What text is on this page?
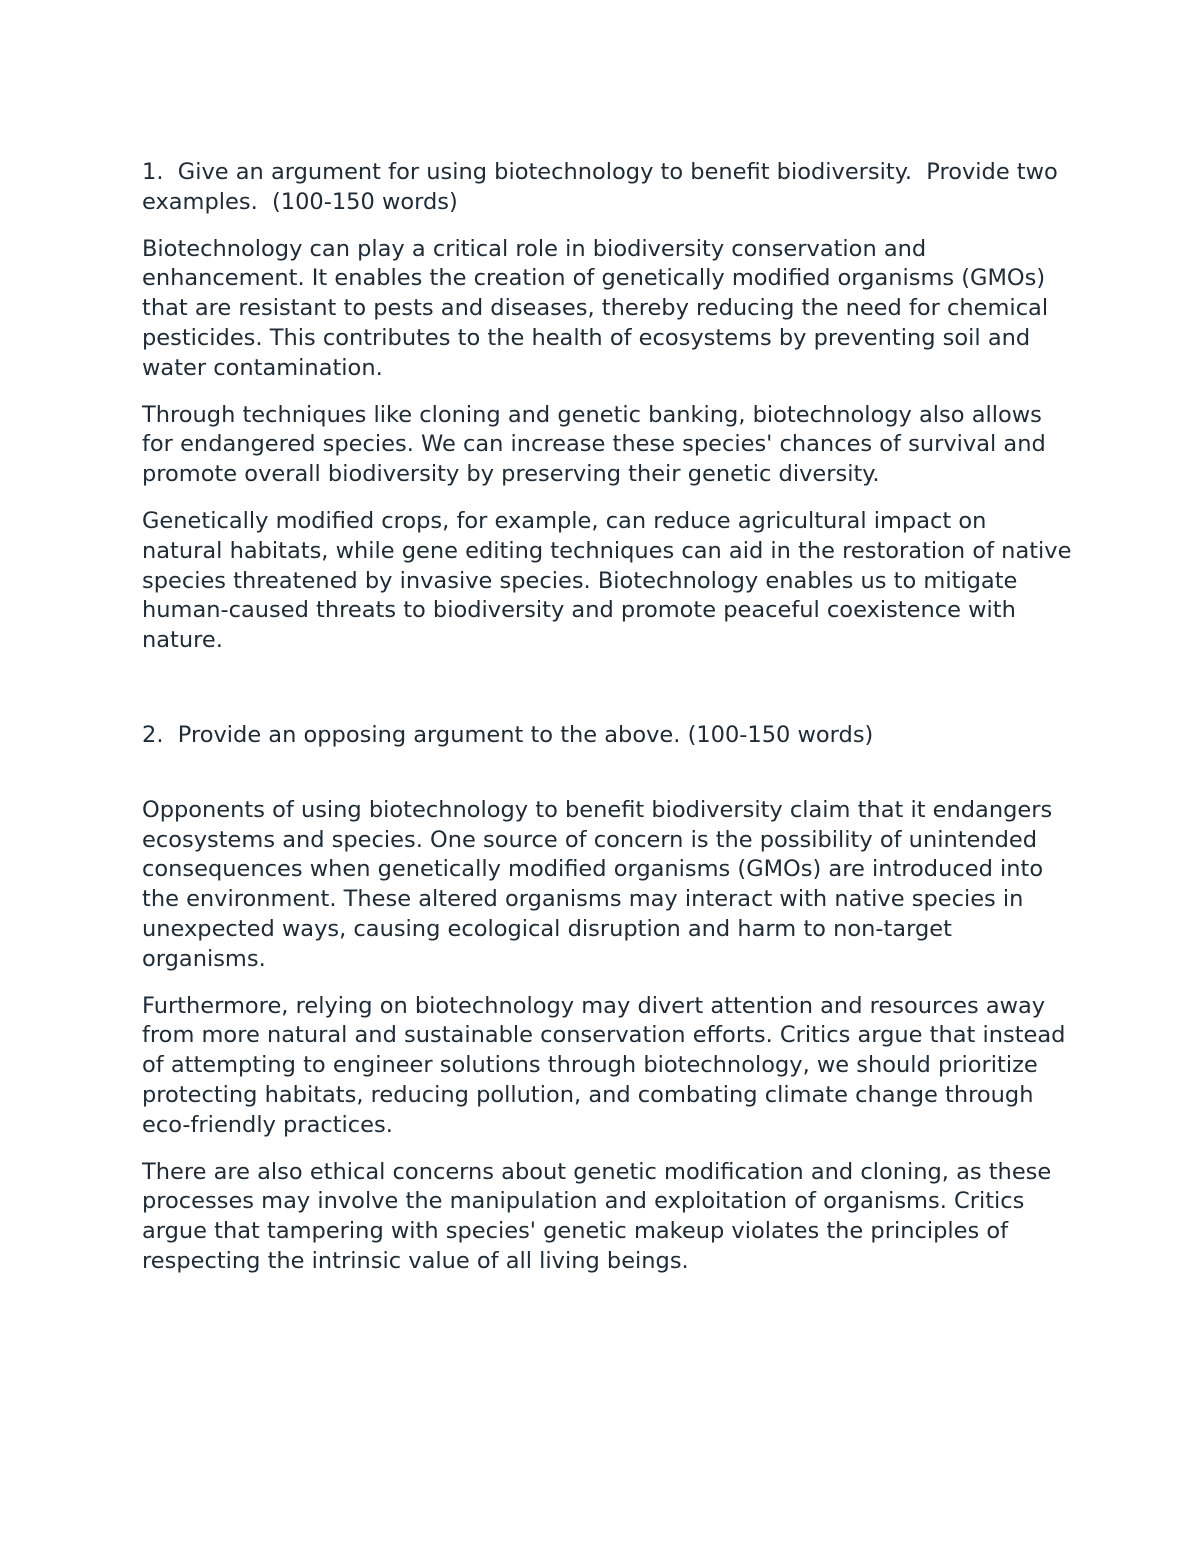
1.  Give an argument for using biotechnology to benefit biodiversity.  Provide two examples.  (100-150 words)

Biotechnology can play a critical role in biodiversity conservation and enhancement. It enables the creation of genetically modified organisms (GMOs) that are resistant to pests and diseases, thereby reducing the need for chemical pesticides. This contributes to the health of ecosystems by preventing soil and water contamination.

Through techniques like cloning and genetic banking, biotechnology also allows for endangered species. We can increase these species' chances of survival and promote overall biodiversity by preserving their genetic diversity.

Genetically modified crops, for example, can reduce agricultural impact on natural habitats, while gene editing techniques can aid in the restoration of native species threatened by invasive species. Biotechnology enables us to mitigate human-caused threats to biodiversity and promote peaceful coexistence with nature.

2.  Provide an opposing argument to the above. (100-150 words)

Opponents of using biotechnology to benefit biodiversity claim that it endangers ecosystems and species. One source of concern is the possibility of unintended consequences when genetically modified organisms (GMOs) are introduced into the environment. These altered organisms may interact with native species in unexpected ways, causing ecological disruption and harm to non-target organisms.

Furthermore, relying on biotechnology may divert attention and resources away from more natural and sustainable conservation efforts. Critics argue that instead of attempting to engineer solutions through biotechnology, we should prioritize protecting habitats, reducing pollution, and combating climate change through eco-friendly practices.

There are also ethical concerns about genetic modification and cloning, as these processes may involve the manipulation and exploitation of organisms. Critics argue that tampering with species' genetic makeup violates the principles of respecting the intrinsic value of all living beings.
